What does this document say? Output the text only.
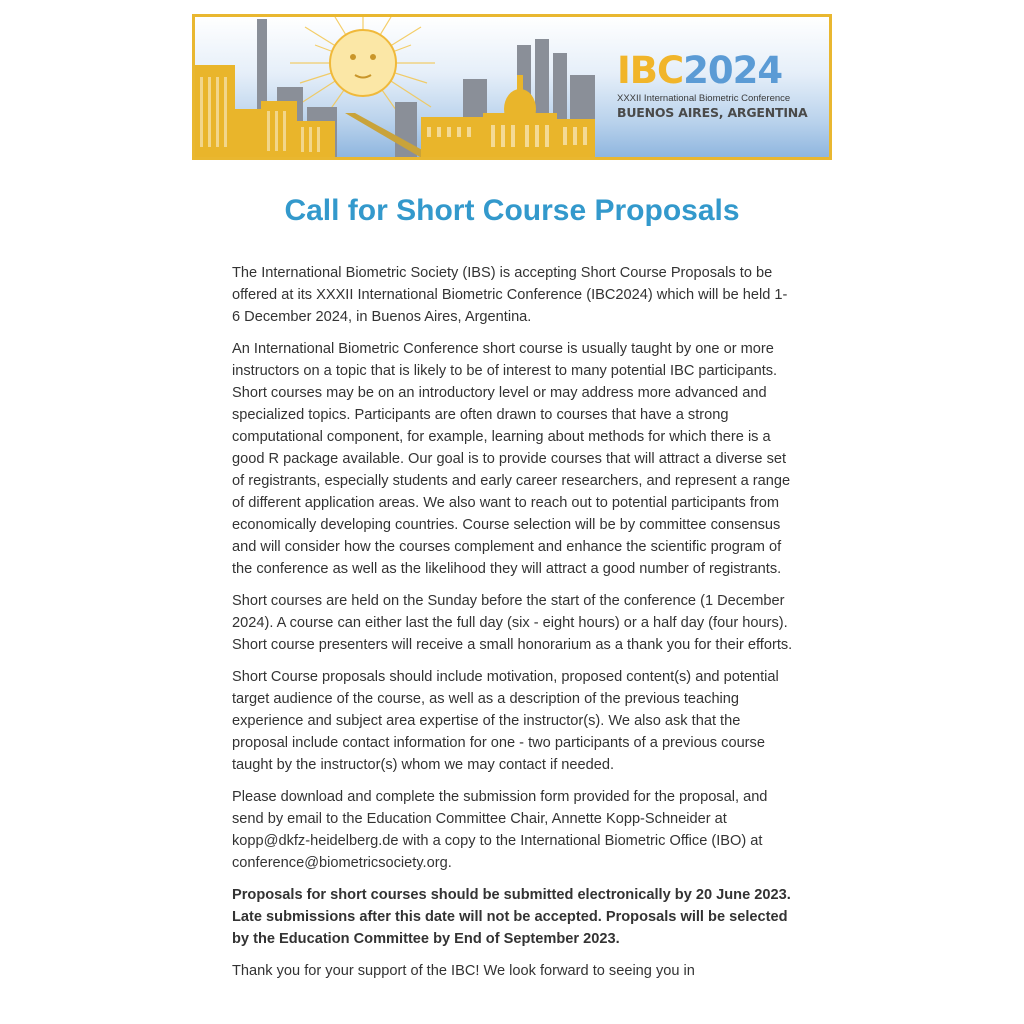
IBC2024
XXXII International Biometric Conference
BUENOS AIRES, ARGENTINA
Call for Short Course Proposals

The International Biometric Society (IBS) is accepting Short Course Proposals to be offered at its XXXII International Biometric Conference (IBC2024) which will be held 1-6 December 2024, in Buenos Aires, Argentina.

An International Biometric Conference short course is usually taught by one or more instructors on a topic that is likely to be of interest to many potential IBC participants. Short courses may be on an introductory level or may address more advanced and specialized topics. Participants are often drawn to courses that have a strong computational component, for example, learning about methods for which there is a good R package available. Our goal is to provide courses that will attract a diverse set of registrants, especially students and early career researchers, and represent a range of different application areas. We also want to reach out to potential participants from economically developing countries. Course selection will be by committee consensus and will consider how the courses complement and enhance the scientific program of the conference as well as the likelihood they will attract a good number of registrants.

Short courses are held on the Sunday before the start of the conference (1 December 2024). A course can either last the full day (six - eight hours) or a half day (four hours). Short course presenters will receive a small honorarium as a thank you for their efforts.

Short Course proposals should include motivation, proposed content(s) and potential target audience of the course, as well as a description of the previous teaching experience and subject area expertise of the instructor(s). We also ask that the proposal include contact information for one - two participants of a previous course taught by the instructor(s) whom we may contact if needed.

Please download and complete the submission form provided for the proposal, and send by email to the Education Committee Chair, Annette Kopp-Schneider at kopp@dkfz-heidelberg.de with a copy to the International Biometric Office (IBO) at conference@biometricsociety.org.

Proposals for short courses should be submitted electronically by 20 June 2023. Late submissions after this date will not be accepted. Proposals will be selected by the Education Committee by End of September 2023.

Thank you for your support of the IBC! We look forward to seeing you in
